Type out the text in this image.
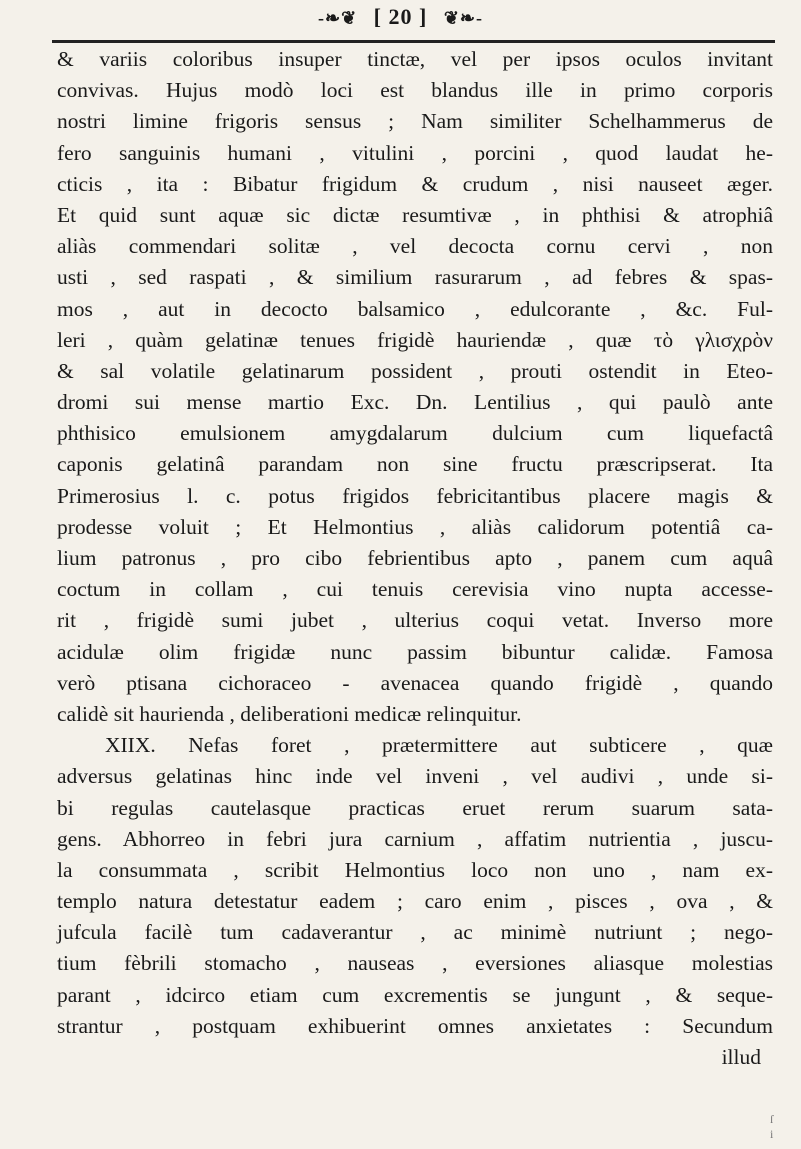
-❧❦ [ 20 ] ❦❧-
& variis coloribus insuper tinctæ, vel per ipsos oculos invitant
convivas. Hujus modò loci est blandus ille in primo corporis
nostri limine frigoris sensus ; Nam similiter Schelhammerus de
fero sanguinis humani , vitulini , porcini , quod laudat he-
cticis , ita : Bibatur frigidum & crudum , nisi nauseet æger.
Et quid sunt aquæ sic dictæ resumtivæ , in phthisi & atrophiâ
aliàs commendari solitæ , vel decocta cornu cervi , non
usti , sed raspati , & similium rasurarum , ad febres & spas-
mos , aut in decocto balsamico , edulcorante , &c. Ful-
leri , quàm gelatinæ tenues frigidè hauriendæ , quæ τὸ γλισχρὸν
& sal volatile gelatinarum possident , prouti ostendit in Eteo-
dromi sui mense martio Exc. Dn. Lentilius , qui paulò ante
phthisico emulsionem amygdalarum dulcium cum liquefactâ
caponis gelatinâ parandam non sine fructu præscripserat. Ita
Primerosius l. c. potus frigidos febricitantibus placere magis &
prodesse voluit ; Et Helmontius , aliàs calidorum potentiâ ca-
lium patronus , pro cibo febrientibus apto , panem cum aquâ
coctum in collam , cui tenuis cerevisia vino nupta accesse-
rit , frigidè sumi jubet , ulterius coqui vetat. Inverso more
acidulæ olim frigidæ nunc passim bibuntur calidæ. Famosa
verò ptisana cichoraceo - avenacea quando frigidè , quando
calidè sit haurienda , deliberationi medicæ relinquitur.
XIIX. Nefas foret , prætermittere aut subticere , quæ
adversus gelatinas hinc inde vel inveni , vel audivi , unde si-
bi regulas cautelasque practicas eruet rerum suarum sata-
gens. Abhorreo in febri jura carnium , affatim nutrientia , juscu-
la consummata , scribit Helmontius loco non uno , nam ex-
templo natura detestatur eadem ; caro enim , pisces , ova , &
jufcula facilè tum cadaverantur , ac minimè nutriunt ; nego-
tium fèbrili stomacho , nauseas , eversiones aliasque molestias
parant , idcirco etiam cum excrementis se jungunt , & seque-
strantur , postquam exhibuerint omnes anxietates : Secundum
illud
ſ
i
